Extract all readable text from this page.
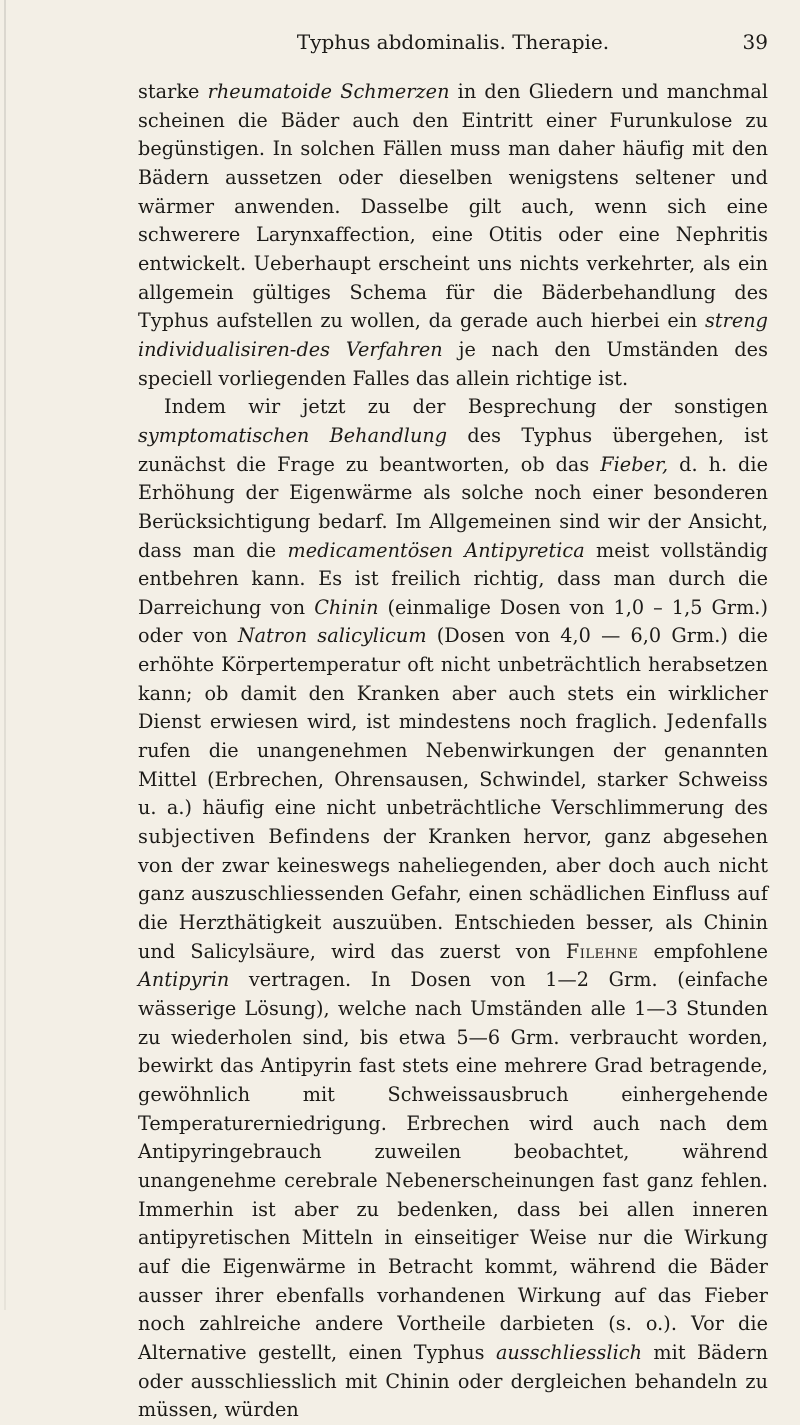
Typhus abdominalis. Therapie.	39

starke rheumatoide Schmerzen in den Gliedern und manchmal scheinen die Bäder auch den Eintritt einer Furunkulose zu begünstigen. In solchen Fällen muss man daher häufig mit den Bädern aussetzen oder dieselben wenigstens seltener und wärmer anwenden. Dasselbe gilt auch, wenn sich eine schwerere Larynxaffection, eine Otitis oder eine Nephritis entwickelt. Ueberhaupt erscheint uns nichts verkehrter, als ein allgemein gültiges Schema für die Bäderbehandlung des Typhus aufstellen zu wollen, da gerade auch hierbei ein streng individualisiren-des Verfahren je nach den Umständen des speciell vorliegenden Falles das allein richtige ist.

Indem wir jetzt zu der Besprechung der sonstigen symptomatischen Behandlung des Typhus übergehen, ist zunächst die Frage zu beantworten, ob das Fieber, d. h. die Erhöhung der Eigenwärme als solche noch einer besonderen Berücksichtigung bedarf. Im Allgemeinen sind wir der Ansicht, dass man die medicamentösen Antipyretica meist vollständig entbehren kann. Es ist freilich richtig, dass man durch die Darreichung von Chinin (einmalige Dosen von 1,0 – 1,5 Grm.) oder von Natron salicylicum (Dosen von 4,0 — 6,0 Grm.) die erhöhte Körpertemperatur oft nicht unbeträchtlich herabsetzen kann; ob damit den Kranken aber auch stets ein wirklicher Dienst erwiesen wird, ist mindestens noch fraglich. Jedenfalls rufen die unangenehmen Nebenwirkungen der genannten Mittel (Erbrechen, Ohrensausen, Schwindel, starker Schweiss u. a.) häufig eine nicht unbeträchtliche Verschlimmerung des subjectiven Befindens der Kranken hervor, ganz abgesehen von der zwar keineswegs naheliegenden, aber doch auch nicht ganz auszuschliessenden Gefahr, einen schädlichen Einfluss auf die Herzthätigkeit auszuüben. Entschieden besser, als Chinin und Salicylsäure, wird das zuerst von Filehne empfohlene Antipyrin vertragen. In Dosen von 1—2 Grm. (einfache wässerige Lösung), welche nach Umständen alle 1—3 Stunden zu wiederholen sind, bis etwa 5—6 Grm. verbraucht worden, bewirkt das Antipyrin fast stets eine mehrere Grad betragende, gewöhnlich mit Schweissausbruch einhergehende Temperaturerniedrigung. Erbrechen wird auch nach dem Antipyringebrauch zuweilen beobachtet, während unangenehme cerebrale Nebenerscheinungen fast ganz fehlen. Immerhin ist aber zu bedenken, dass bei allen inneren antipyretischen Mitteln in einseitiger Weise nur die Wirkung auf die Eigenwärme in Betracht kommt, während die Bäder ausser ihrer ebenfalls vorhandenen Wirkung auf das Fieber noch zahlreiche andere Vortheile darbieten (s. o.). Vor die Alternative gestellt, einen Typhus ausschliesslich mit Bädern oder ausschliesslich mit Chinin oder dergleichen behandeln zu müssen, würden
